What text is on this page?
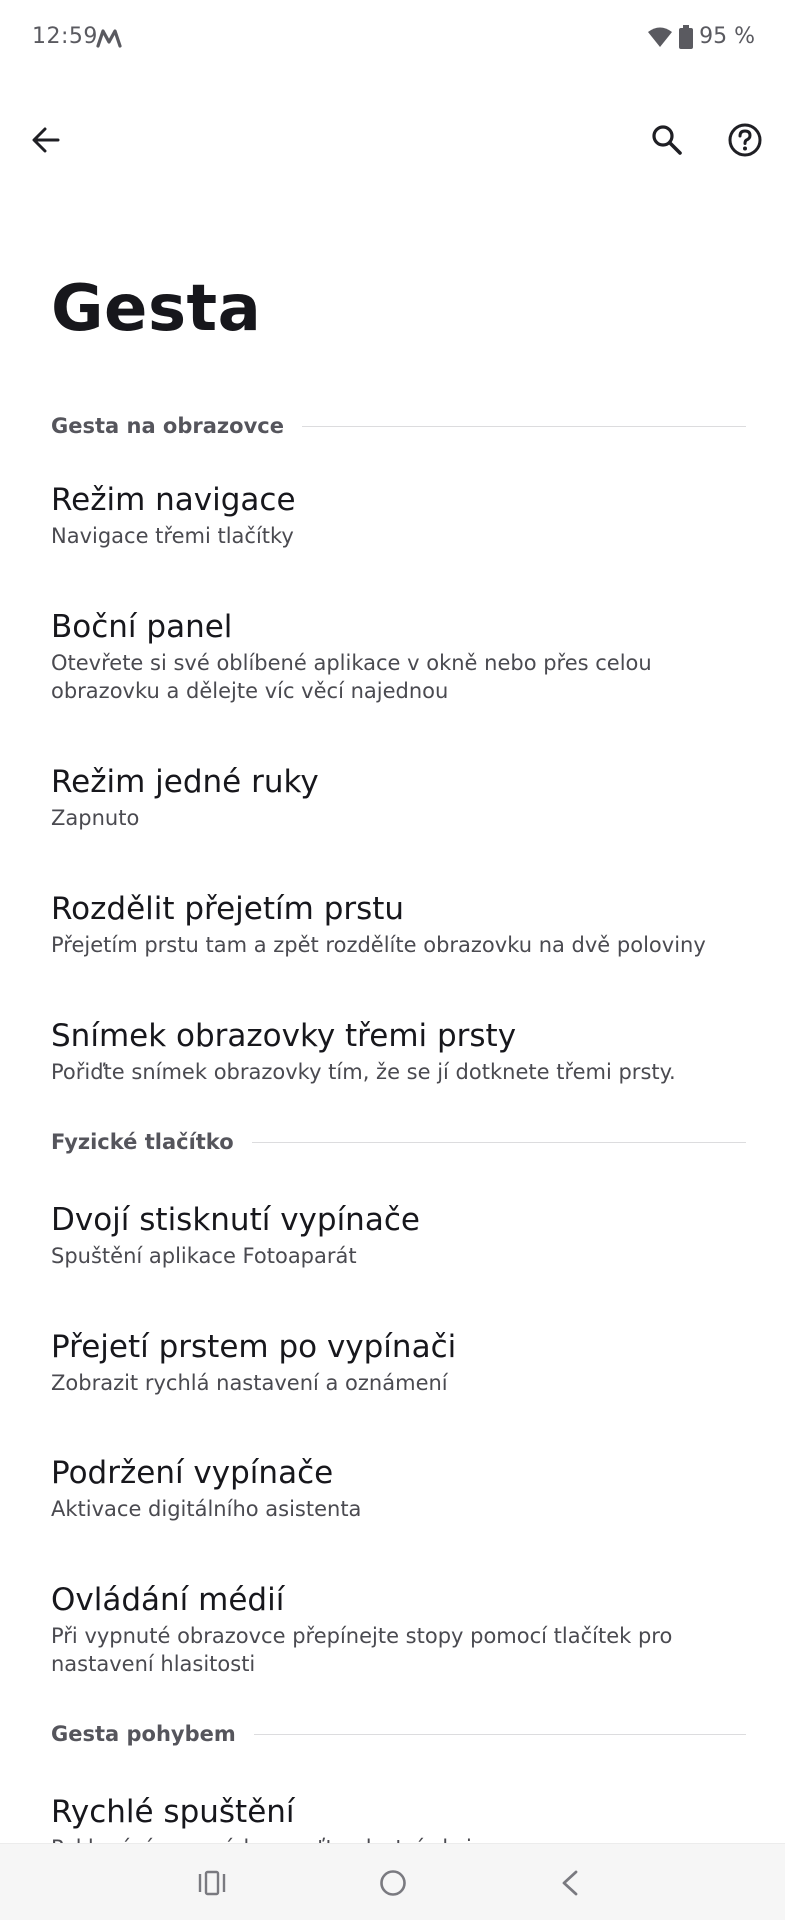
12:59	95 %
Gesta
Gesta na obrazovce
Režim navigace
Navigace třemi tlačítky
Boční panel
Otevřete si své oblíbené aplikace v okně nebo přes celou obrazovku a dělejte víc věcí najednou
Režim jedné ruky
Zapnuto
Rozdělit přejetím prstu
Přejetím prstu tam a zpět rozdělíte obrazovku na dvě poloviny
Snímek obrazovky třemi prsty
Pořiďte snímek obrazovky tím, že se jí dotknete třemi prsty.
Fyzické tlačítko
Dvojí stisknutí vypínače
Spuštění aplikace Fotoaparát
Přejetí prstem po vypínači
Zobrazit rychlá nastavení a oznámení
Podržení vypínače
Aktivace digitálního asistenta
Ovládání médií
Při vypnuté obrazovce přepínejte stopy pomocí tlačítek pro nastavení hlasitosti
Gesta pohybem
Rychlé spuštění
